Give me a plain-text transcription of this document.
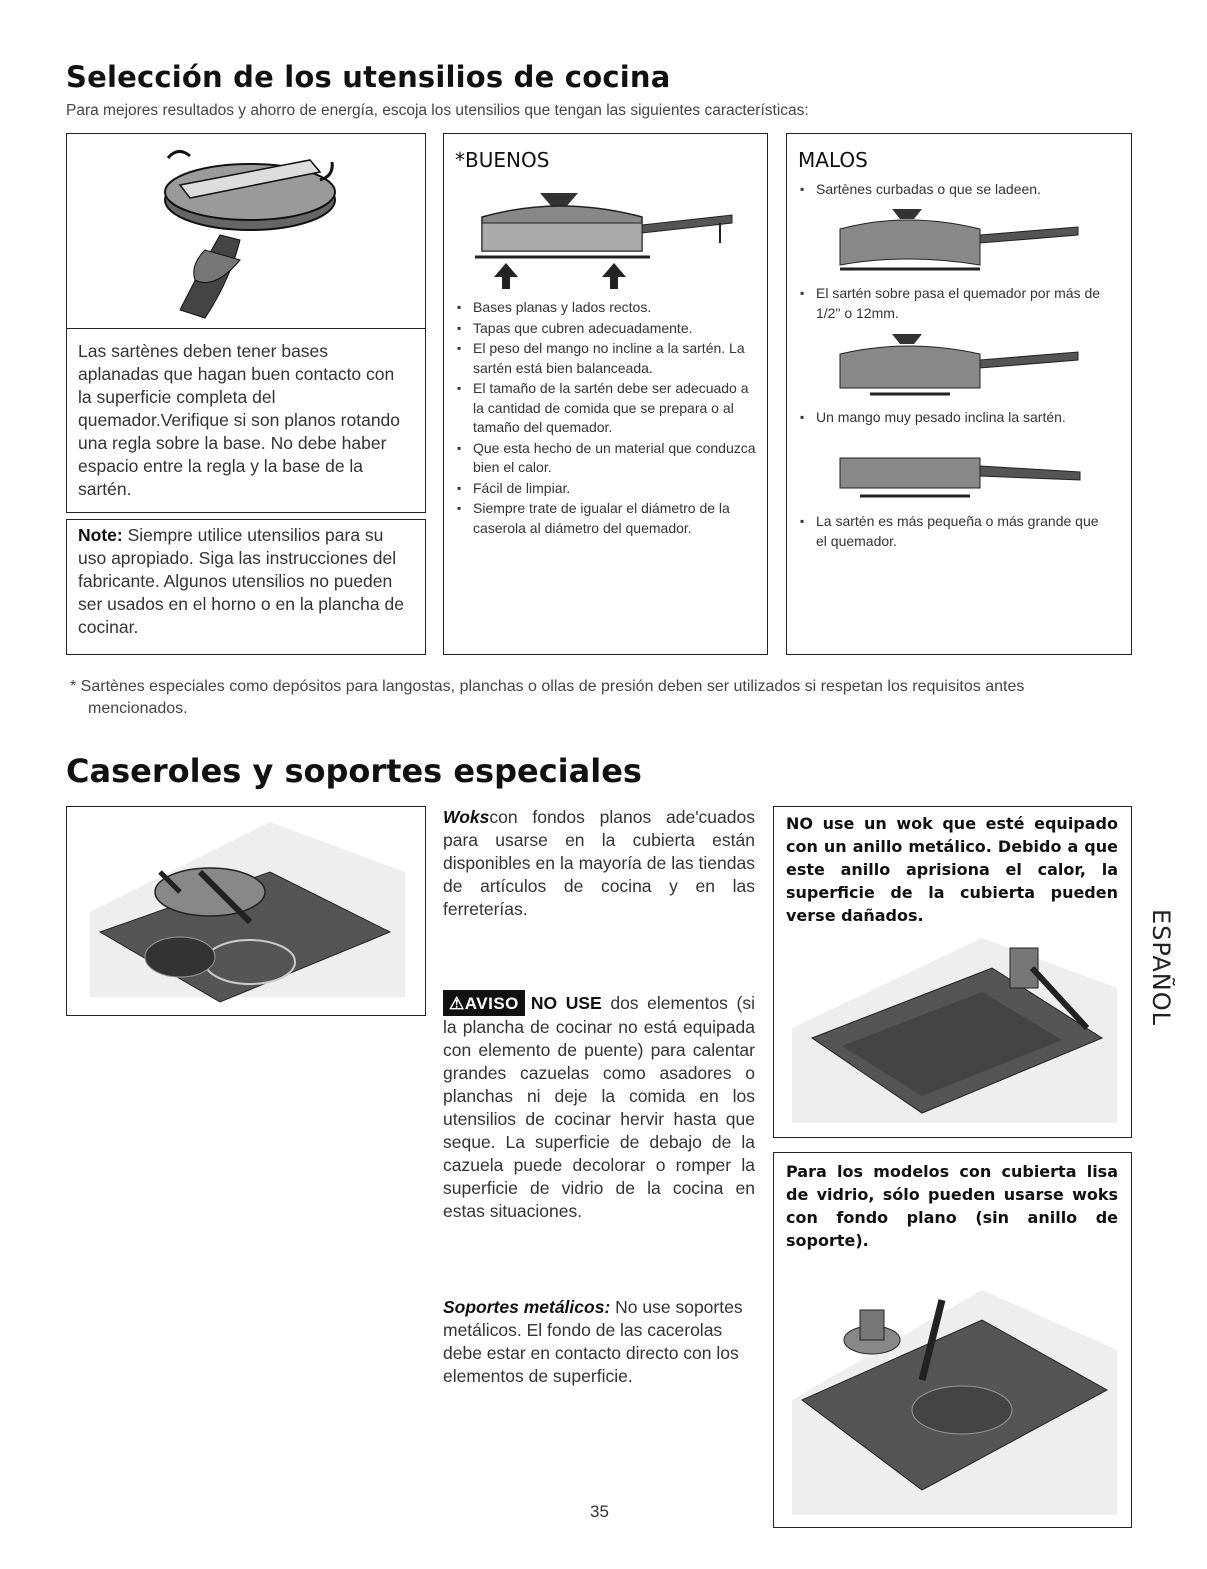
Selección de los utensilios de cocina
Para mejores resultados y ahorro de energía, escoja los utensilios que tengan las siguientes características:
Las sartènes deben tener bases aplanadas que hagan buen contacto con la superficie completa del quemador.Verifique si son planos rotando una regla sobre la base. No debe haber espacio entre la regla y la base de la sartén.
Note: Siempre utilice utensilios para su uso apropiado. Siga las instrucciones del fabricante. Algunos utensilios no pueden ser usados en el horno o en la plancha de cocinar.
*BUENOS
▪ Bases planas y lados rectos.
▪ Tapas que cubren adecuadamente.
▪ El peso del mango no incline a la sartén. La sartén está bien balanceada.
▪ El tamaño de la sartén debe ser adecuado a la cantidad de comida que se prepara o al tamaño del quemador.
▪ Que esta hecho de un material que conduzca bien el calor.
▪ Fácil de limpiar.
▪ Siempre trate de igualar el diámetro de la caserola al diámetro del quemador.
MALOS
▪ Sartènes curbadas o que se ladeen.
▪ El sartén sobre pasa el quemador por más de 1/2" o 12mm.
▪ Un mango muy pesado inclina la sartén.
▪ La sartén es más pequeña o más grande que el quemador.
* Sartènes especiales como depósitos para langostas, planchas o ollas de presión deben ser utilizados si respetan los requisitos antes mencionados.
Caseroles y soportes especiales
Wokscon fondos planos ade'cuados para usarse en la cubierta están disponibles en la mayoría de las tiendas de artículos de cocina y en las ferreterías.
⚠AVISO NO USE dos elementos (si la plancha de cocinar no está equipada con elemento de puente) para calentar grandes cazuelas como asadores o planchas ni deje la comida en los utensilios de cocinar hervir hasta que seque. La superficie de debajo de la cazuela puede decolorar o romper la superficie de vidrio de la cocina en estas situaciones.
Soportes metálicos: No use soportes metálicos. El fondo de las cacerolas debe estar en contacto directo con los elementos de superficie.
NO use un wok que esté equipado con un anillo metálico. Debido a que este anillo aprisiona el calor, la superficie de la cubierta pueden verse dañados.
Para los modelos con cubierta lisa de vidrio, sólo pueden usarse woks con fondo plano (sin anillo de soporte).
ESPAÑOL
35
